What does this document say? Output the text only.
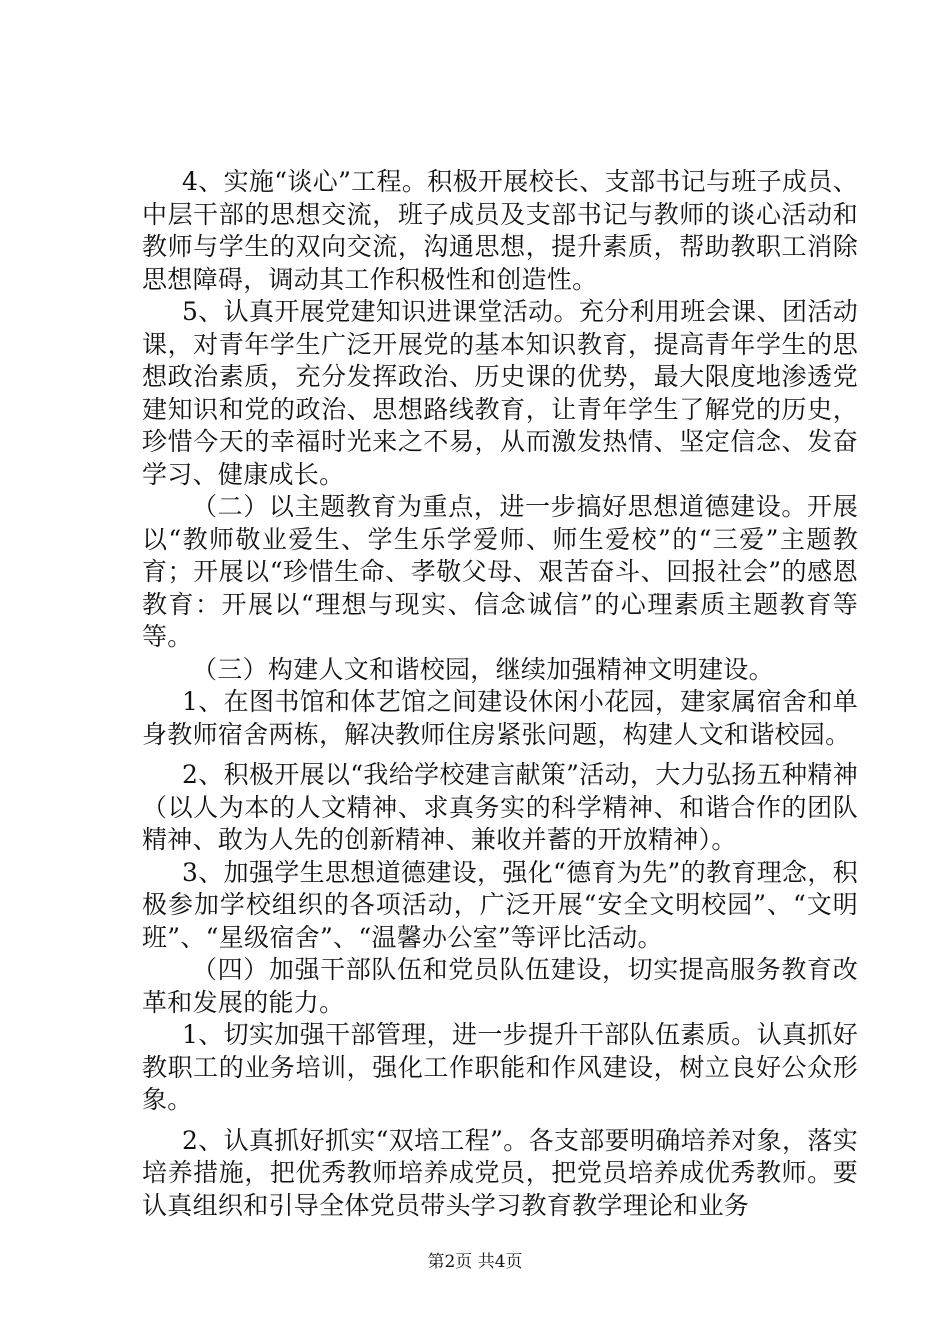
4、实施“谈心”工程。积极开展校长、支部书记与班子成员、中层干部的思想交流，班子成员及支部书记与教师的谈心活动和教师与学生的双向交流，沟通思想，提升素质，帮助教职工消除思想障碍，调动其工作积极性和创造性。

5、认真开展党建知识进课堂活动。充分利用班会课、团活动课，对青年学生广泛开展党的基本知识教育，提高青年学生的思想政治素质，充分发挥政治、历史课的优势，最大限度地渗透党建知识和党的政治、思想路线教育，让青年学生了解党的历史，珍惜今天的幸福时光来之不易，从而激发热情、坚定信念、发奋学习、健康成长。

（二）以主题教育为重点，进一步搞好思想道德建设。开展以“教师敬业爱生、学生乐学爱师、师生爱校”的“三爱”主题教育；开展以“珍惜生命、孝敬父母、艰苦奋斗、回报社会”的感恩教育：开展以“理想与现实、信念诚信”的心理素质主题教育等等。

（三）构建人文和谐校园，继续加强精神文明建设。

1、在图书馆和体艺馆之间建设休闲小花园，建家属宿舍和单身教师宿舍两栋，解决教师住房紧张问题，构建人文和谐校园。

2、积极开展以“我给学校建言献策”活动，大力弘扬五种精神（以人为本的人文精神、求真务实的科学精神、和谐合作的团队精神、敢为人先的创新精神、兼收并蓄的开放精神）。

3、加强学生思想道德建设，强化“德育为先”的教育理念，积极参加学校组织的各项活动，广泛开展“安全文明校园”、“文明班”、“星级宿舍”、“温馨办公室”等评比活动。

（四）加强干部队伍和党员队伍建设，切实提高服务教育改革和发展的能力。

1、切实加强干部管理，进一步提升干部队伍素质。认真抓好教职工的业务培训，强化工作职能和作风建设，树立良好公众形象。

2、认真抓好抓实“双培工程”。各支部要明确培养对象，落实培养措施，把优秀教师培养成党员，把党员培养成优秀教师。要认真组织和引导全体党员带头学习教育教学理论和业务

第2页 共4页
